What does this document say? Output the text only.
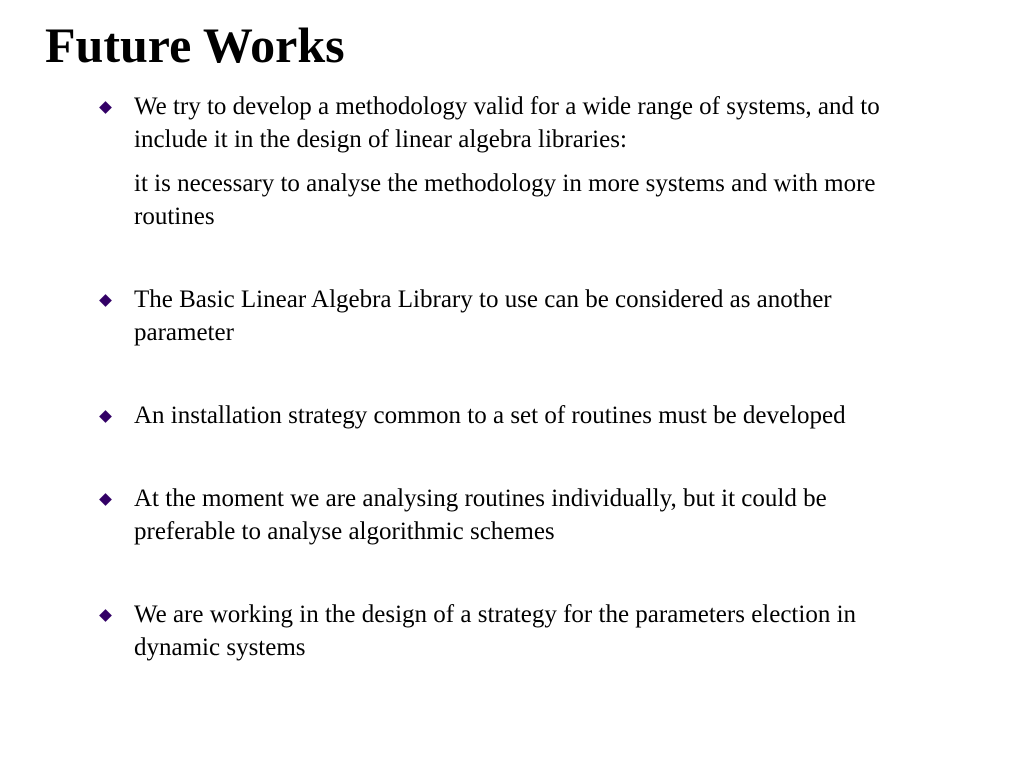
Future Works
We try to develop a methodology valid for a wide range of systems, and to include it in the design of linear algebra libraries:
it is necessary to analyse the methodology in more systems and with more routines
The Basic Linear Algebra Library to use can be considered as another parameter
An installation strategy common to a set of routines must be developed
At the moment we are analysing routines individually, but it could be preferable to analyse algorithmic schemes
We are working in the design of a strategy for the parameters election in dynamic systems
